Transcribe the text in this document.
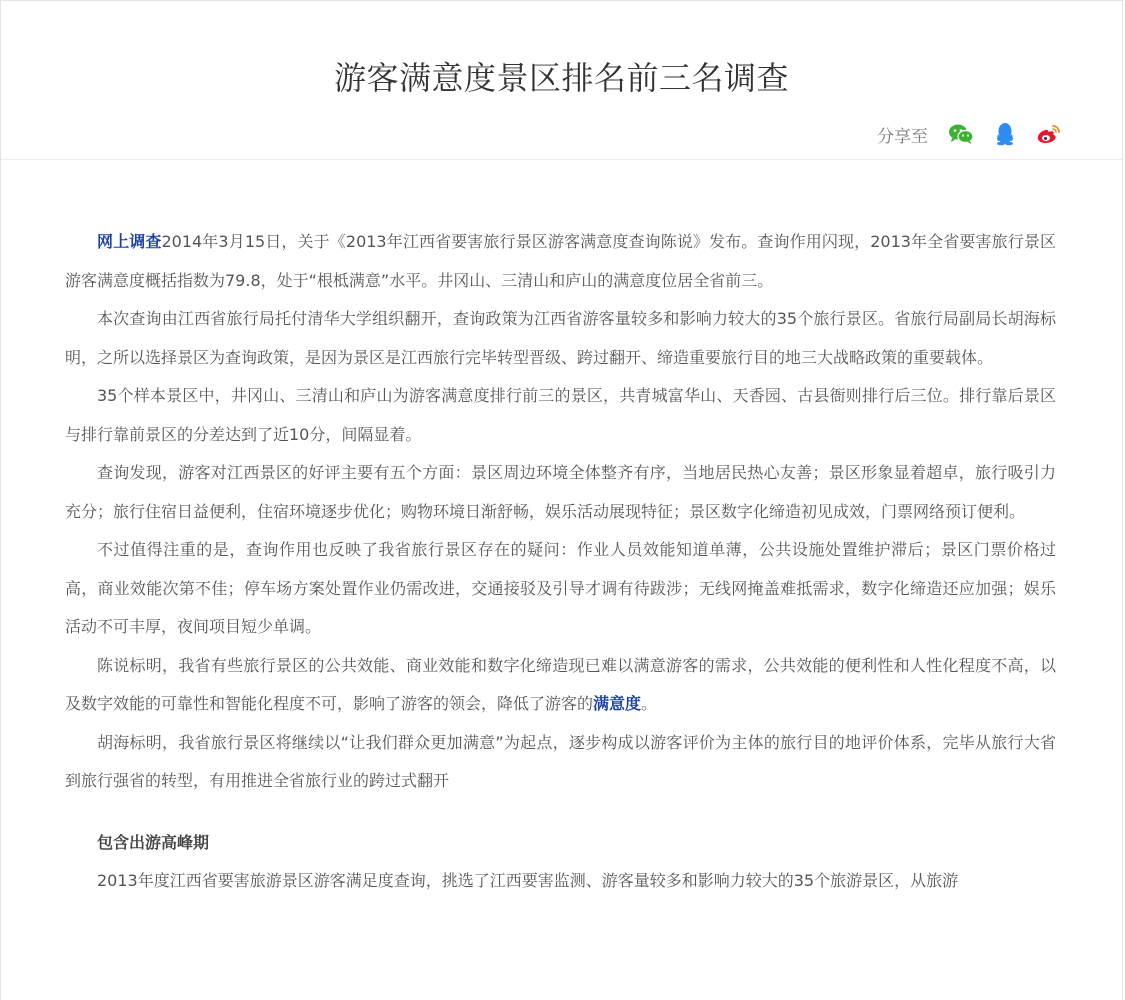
游客满意度景区排名前三名调查
分享至

网上调查2014年3月15日，关于《2013年江西省要害旅行景区游客满意度查询陈说》发布。查询作用闪现，2013年全省要害旅行景区游客满意度概括指数为79.8，处于“根柢满意”水平。井冈山、三清山和庐山的满意度位居全省前三。

本次查询由江西省旅行局托付清华大学组织翻开，查询政策为江西省游客量较多和影响力较大的35个旅行景区。省旅行局副局长胡海标明，之所以选择景区为查询政策，是因为景区是江西旅行完毕转型晋级、跨过翻开、缔造重要旅行目的地三大战略政策的重要载体。

35个样本景区中，井冈山、三清山和庐山为游客满意度排行前三的景区，共青城富华山、天香园、古县衙则排行后三位。排行靠后景区与排行靠前景区的分差达到了近10分，间隔显着。

查询发现，游客对江西景区的好评主要有五个方面：景区周边环境全体整齐有序，当地居民热心友善；景区形象显着超卓，旅行吸引力充分；旅行住宿日益便利，住宿环境逐步优化；购物环境日渐舒畅，娱乐活动展现特征；景区数字化缔造初见成效，门票网络预订便利。

不过值得注重的是，查询作用也反映了我省旅行景区存在的疑问：作业人员效能知道单薄，公共设施处置维护滞后；景区门票价格过高，商业效能次第不佳；停车场方案处置作业仍需改进，交通接驳及引导才调有待跋涉；无线网掩盖难抵需求，数字化缔造还应加强；娱乐活动不可丰厚，夜间项目短少单调。

陈说标明，我省有些旅行景区的公共效能、商业效能和数字化缔造现已难以满意游客的需求，公共效能的便利性和人性化程度不高，以及数字效能的可靠性和智能化程度不可，影响了游客的领会，降低了游客的满意度。

胡海标明，我省旅行景区将继续以“让我们群众更加满意”为起点，逐步构成以游客评价为主体的旅行目的地评价体系，完毕从旅行大省到旅行强省的转型，有用推进全省旅行业的跨过式翻开

包含出游高峰期

2013年度江西省要害旅游景区游客满足度查询，挑选了江西要害监测、游客量较多和影响力较大的35个旅游景区，从旅游
